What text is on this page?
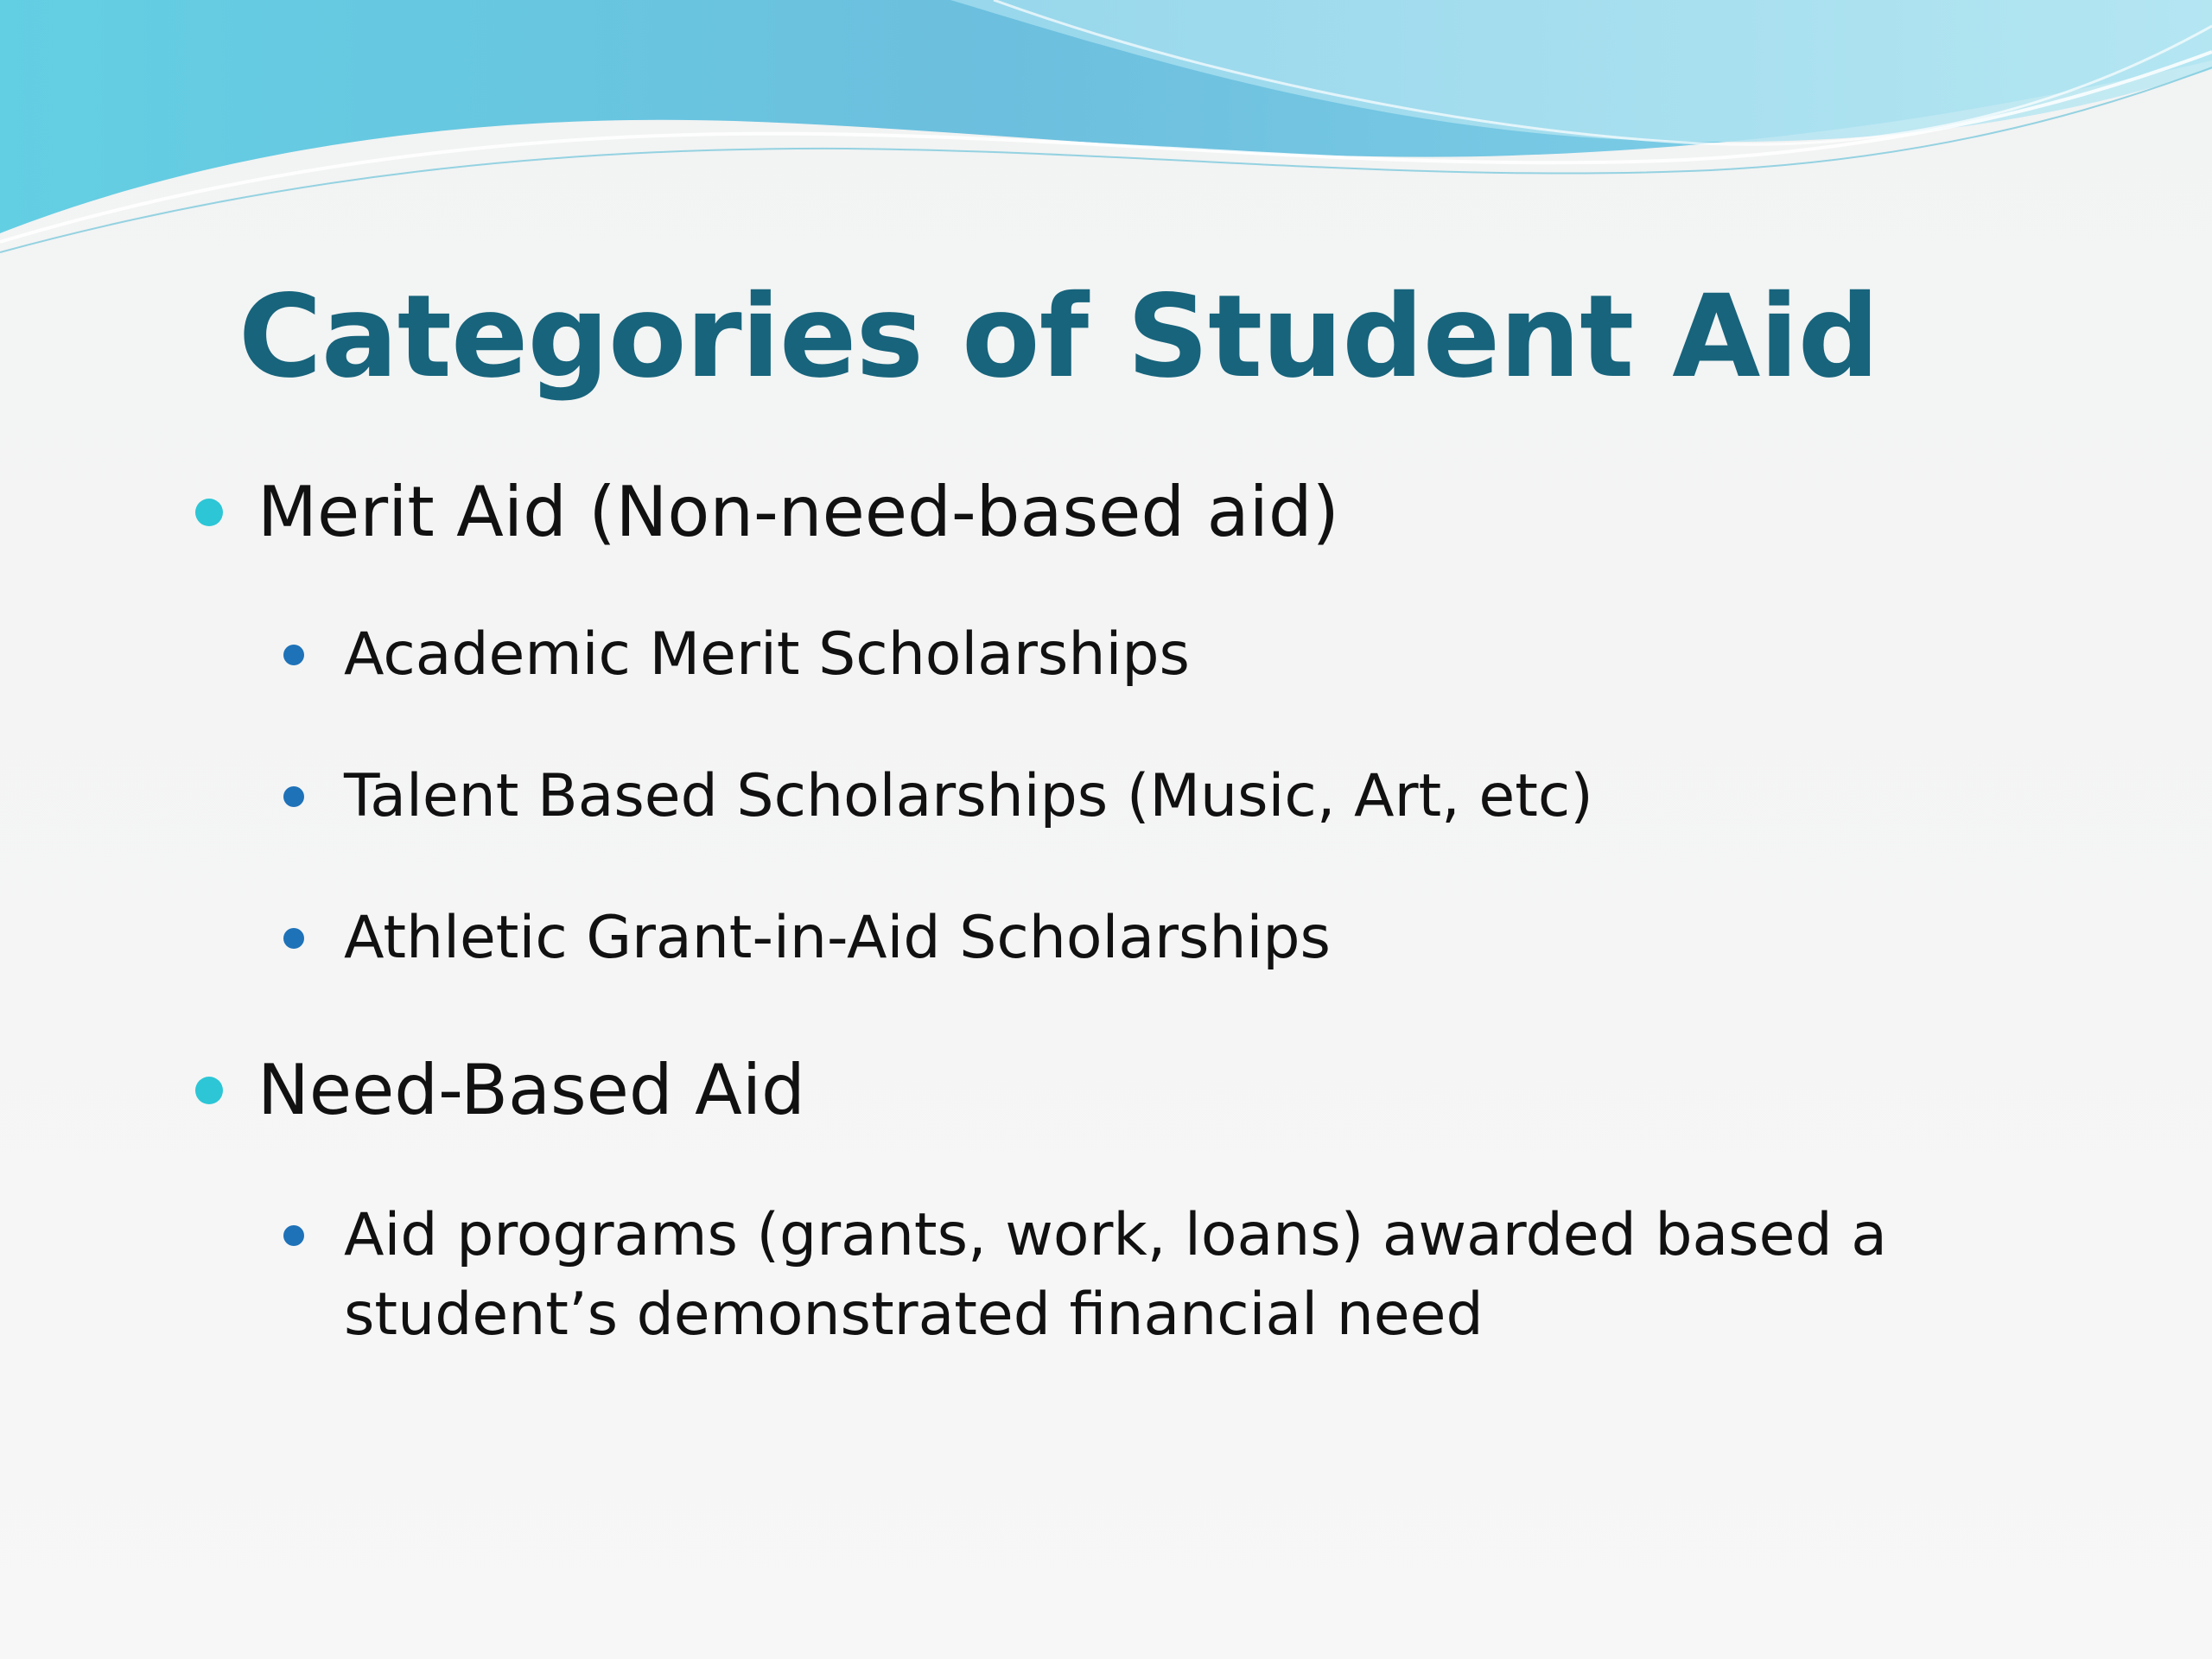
Categories of Student Aid
Merit Aid (Non-need-based aid)
Academic Merit Scholarships
Talent Based Scholarships (Music, Art, etc)
Athletic Grant-in-Aid Scholarships
Need-Based Aid
Aid programs (grants, work, loans) awarded based a student’s demonstrated financial need
